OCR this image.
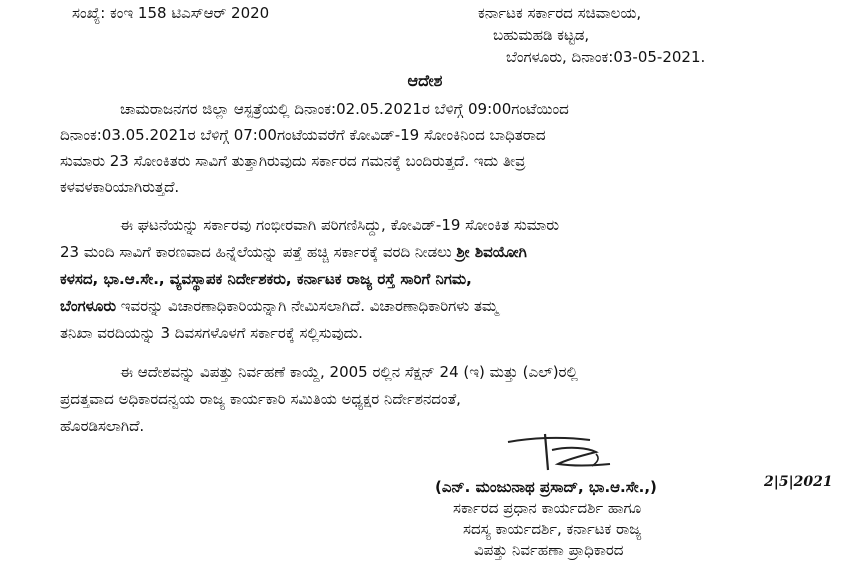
ಸಂಖ್ಯೆ: ಕಂಇ 158 ಟಿಎಸ್ಆರ್ 2020	ಕರ್ನಾಟಕ ಸರ್ಕಾರದ ಸಚಿವಾಲಯ,
ಬಹುಮಹಡಿ ಕಟ್ಟಡ,
ಬೆಂಗಳೂರು, ದಿನಾಂಕ:03-05-2021.
ಆದೇಶ
ಚಾಮರಾಜನಗರ ಜಿಲ್ಲಾ ಆಸ್ಪತ್ರೆಯಲ್ಲಿ ದಿನಾಂಕ:02.05.2021ರ ಬೆಳಿಗ್ಗೆ 09:00ಗಂಟೆಯಿಂದ
ದಿನಾಂಕ:03.05.2021ರ ಬೆಳಿಗ್ಗೆ 07:00ಗಂಟೆಯವರೆಗೆ ಕೋವಿಡ್-19 ಸೋಂಕಿನಿಂದ ಬಾಧಿತರಾದ
ಸುಮಾರು 23 ಸೋಂಕಿತರು ಸಾವಿಗೆ ತುತ್ತಾಗಿರುವುದು ಸರ್ಕಾರದ ಗಮನಕ್ಕೆ ಬಂದಿರುತ್ತದೆ. ಇದು ತೀವ್ರ
ಕಳವಳಕಾರಿಯಾಗಿರುತ್ತದೆ.
ಈ ಘಟನೆಯನ್ನು ಸರ್ಕಾರವು ಗಂಭೀರವಾಗಿ ಪರಿಗಣಿಸಿದ್ದು, ಕೋವಿಡ್-19 ಸೋಂಕಿತ ಸುಮಾರು
23 ಮಂದಿ ಸಾವಿಗೆ ಕಾರಣವಾದ ಹಿನ್ನೆಲೆಯನ್ನು ಪತ್ತೆ ಹಚ್ಚಿ ಸರ್ಕಾರಕ್ಕೆ ವರದಿ ನೀಡಲು ಶ್ರೀ ಶಿವಯೋಗಿ
ಕಳಸದ, ಭಾ.ಆ.ಸೇ., ವ್ಯವಸ್ಥಾಪಕ ನಿರ್ದೇಶಕರು, ಕರ್ನಾಟಕ ರಾಜ್ಯ ರಸ್ತೆ ಸಾರಿಗೆ ನಿಗಮ,
ಬೆಂಗಳೂರು ಇವರನ್ನು ವಿಚಾರಣಾಧಿಕಾರಿಯನ್ನಾಗಿ ನೇಮಿಸಲಾಗಿದೆ. ವಿಚಾರಣಾಧಿಕಾರಿಗಳು ತಮ್ಮ
ತನಿಖಾ ವರದಿಯನ್ನು 3 ದಿವಸಗಳೊಳಗೆ ಸರ್ಕಾರಕ್ಕೆ ಸಲ್ಲಿಸುವುದು.
ಈ ಆದೇಶವನ್ನು ವಿಪತ್ತು ನಿರ್ವಹಣೆ ಕಾಯ್ದೆ, 2005 ರಲ್ಲಿನ ಸೆಕ್ಷನ್ 24 (ಇ) ಮತ್ತು (ಎಲ್)ರಲ್ಲಿ
ಪ್ರದತ್ತವಾದ ಅಧಿಕಾರದನ್ವಯ ರಾಜ್ಯ ಕಾರ್ಯಕಾರಿ ಸಮಿತಿಯ ಅಧ್ಯಕ್ಷರ ನಿರ್ದೇಶನದಂತೆ,
ಹೊರಡಿಸಲಾಗಿದೆ.
(ಎನ್. ಮಂಜುನಾಥ ಪ್ರಸಾದ್, ಭಾ.ಆ.ಸೇ.,)	2|5|2021
ಸರ್ಕಾರದ ಪ್ರಧಾನ ಕಾರ್ಯದರ್ಶಿ ಹಾಗೂ
ಸದಸ್ಯ ಕಾರ್ಯದರ್ಶಿ, ಕರ್ನಾಟಕ ರಾಜ್ಯ
ವಿಪತ್ತು ನಿರ್ವಹಣಾ ಪ್ರಾಧಿಕಾರದ
